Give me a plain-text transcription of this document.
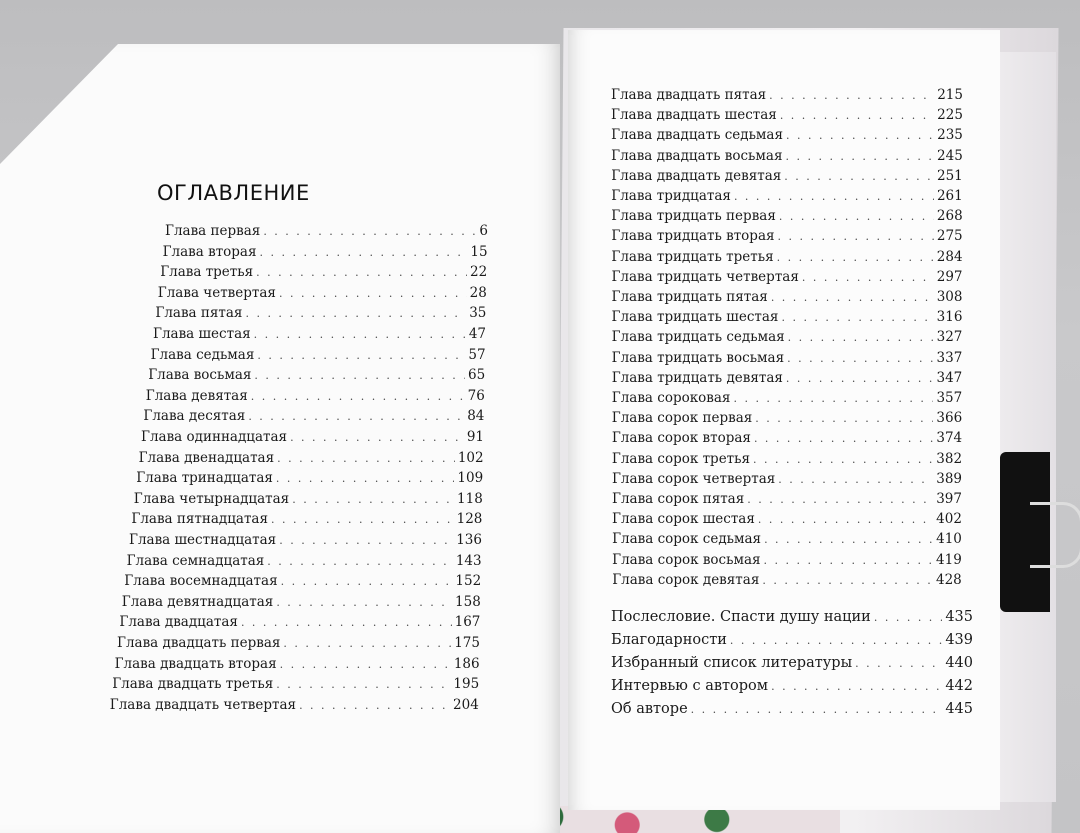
ОГЛАВЛЕНИЕ
Глава первая . . .	6
Глава вторая . . .	15
Глава третья . . .	22
Глава четвертая . . .	28
Глава пятая . . .	35
Глава шестая . . .	47
Глава седьмая . . .	57
Глава восьмая . . .	65
Глава девятая . . .	76
Глава десятая . . .	84
Глава одиннадцатая . . .	91
Глава двенадцатая . . .	102
Глава тринадцатая . . .	109
Глава четырнадцатая . . .	118
Глава пятнадцатая . . .	128
Глава шестнадцатая . . .	136
Глава семнадцатая . . .	143
Глава восемнадцатая . . .	152
Глава девятнадцатая . . .	158
Глава двадцатая . . .	167
Глава двадцать первая . . .	175
Глава двадцать вторая . . .	186
Глава двадцать третья . . .	195
Глава двадцать четвертая . . .	204
Глава двадцать пятая . . .	215
Глава двадцать шестая . . .	225
Глава двадцать седьмая . . .	235
Глава двадцать восьмая . . .	245
Глава двадцать девятая . . .	251
Глава тридцатая . . .	261
Глава тридцать первая . . .	268
Глава тридцать вторая . . .	275
Глава тридцать третья . . .	284
Глава тридцать четвертая . . .	297
Глава тридцать пятая . . .	308
Глава тридцать шестая . . .	316
Глава тридцать седьмая . . .	327
Глава тридцать восьмая . . .	337
Глава тридцать девятая . . .	347
Глава сороковая . . .	357
Глава сорок первая . . .	366
Глава сорок вторая . . .	374
Глава сорок третья . . .	382
Глава сорок четвертая . . .	389
Глава сорок пятая . . .	397
Глава сорок шестая . . .	402
Глава сорок седьмая . . .	410
Глава сорок восьмая . . .	419
Глава сорок девятая . . .	428
Послесловие. Спасти душу нации . . .	435
Благодарности . . .	439
Избранный список литературы . . .	440
Интервью с автором . . .	442
Об авторе . . .	445
